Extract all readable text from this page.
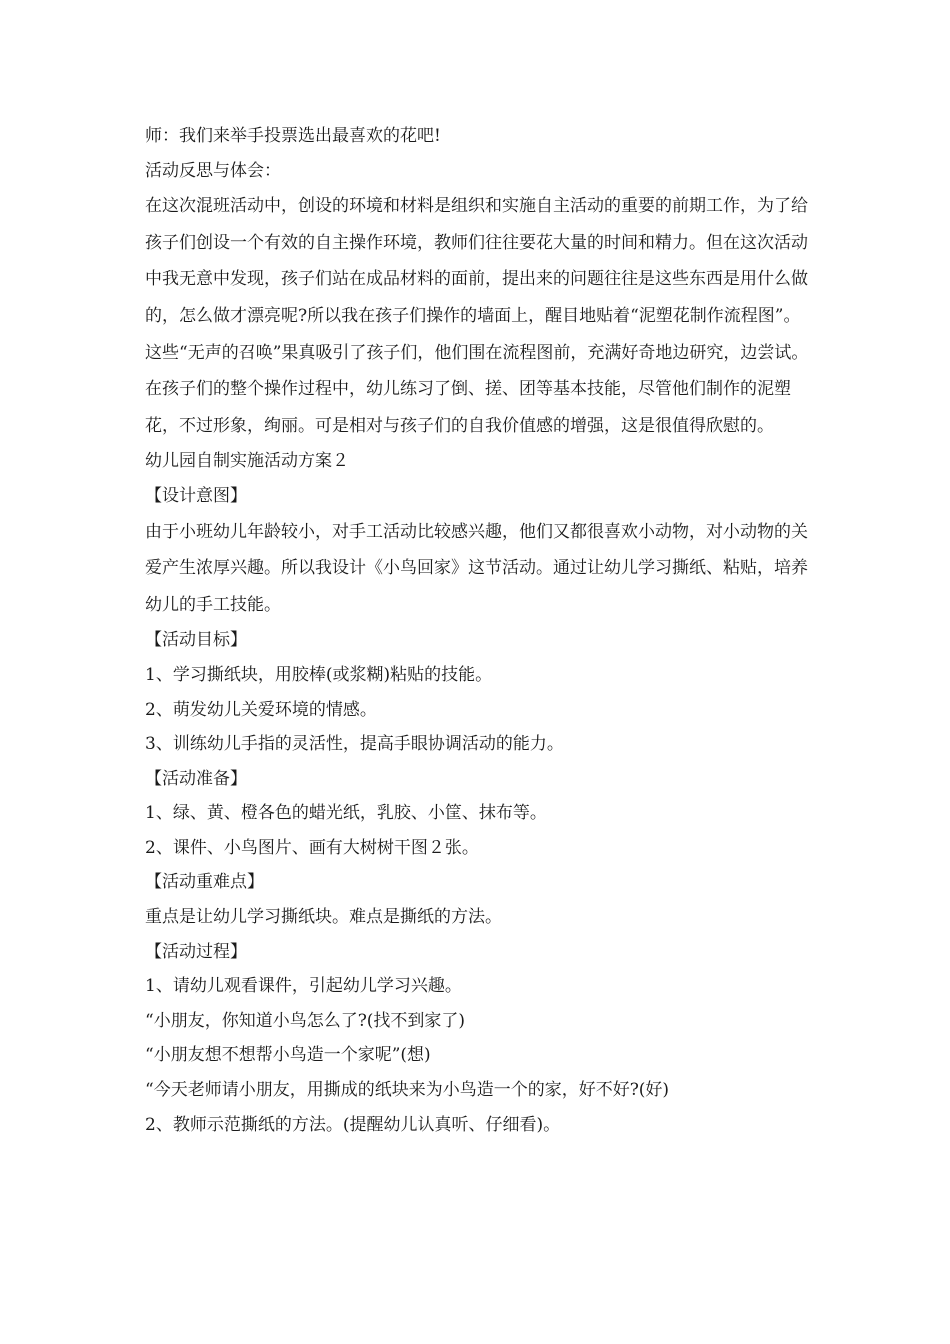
师：我们来举手投票选出最喜欢的花吧!

活动反思与体会：

在这次混班活动中，创设的环境和材料是组织和实施自主活动的重要的前期工作，为了给孩子们创设一个有效的自主操作环境，教师们往往要花大量的时间和精力。但在这次活动中我无意中发现，孩子们站在成品材料的面前，提出来的问题往往是这些东西是用什么做的，怎么做才漂亮呢?所以我在孩子们操作的墙面上，醒目地贴着“泥塑花制作流程图”。这些“无声的召唤”果真吸引了孩子们，他们围在流程图前，充满好奇地边研究，边尝试。在孩子们的整个操作过程中，幼儿练习了倒、搓、团等基本技能，尽管他们制作的泥塑花，不过形象，绚丽。可是相对与孩子们的自我价值感的增强，这是很值得欣慰的。

幼儿园自制实施活动方案２

【设计意图】

由于小班幼儿年龄较小，对手工活动比较感兴趣，他们又都很喜欢小动物，对小动物的关爱产生浓厚兴趣。所以我设计《小鸟回家》这节活动。通过让幼儿学习撕纸、粘贴，培养幼儿的手工技能。

【活动目标】

1、学习撕纸块，用胶棒(或浆糊)粘贴的技能。

2、萌发幼儿关爱环境的情感。

3、训练幼儿手指的灵活性，提高手眼协调活动的能力。

【活动准备】

1、绿、黄、橙各色的蜡光纸，乳胶、小筐、抹布等。

2、课件、小鸟图片、画有大树树干图２张。

【活动重难点】

重点是让幼儿学习撕纸块。难点是撕纸的方法。

【活动过程】

1、请幼儿观看课件，引起幼儿学习兴趣。

“小朋友，你知道小鸟怎么了?(找不到家了)

“小朋友想不想帮小鸟造一个家呢”(想)

“今天老师请小朋友，用撕成的纸块来为小鸟造一个的家，好不好?(好)

2、教师示范撕纸的方法。(提醒幼儿认真听、仔细看)。
